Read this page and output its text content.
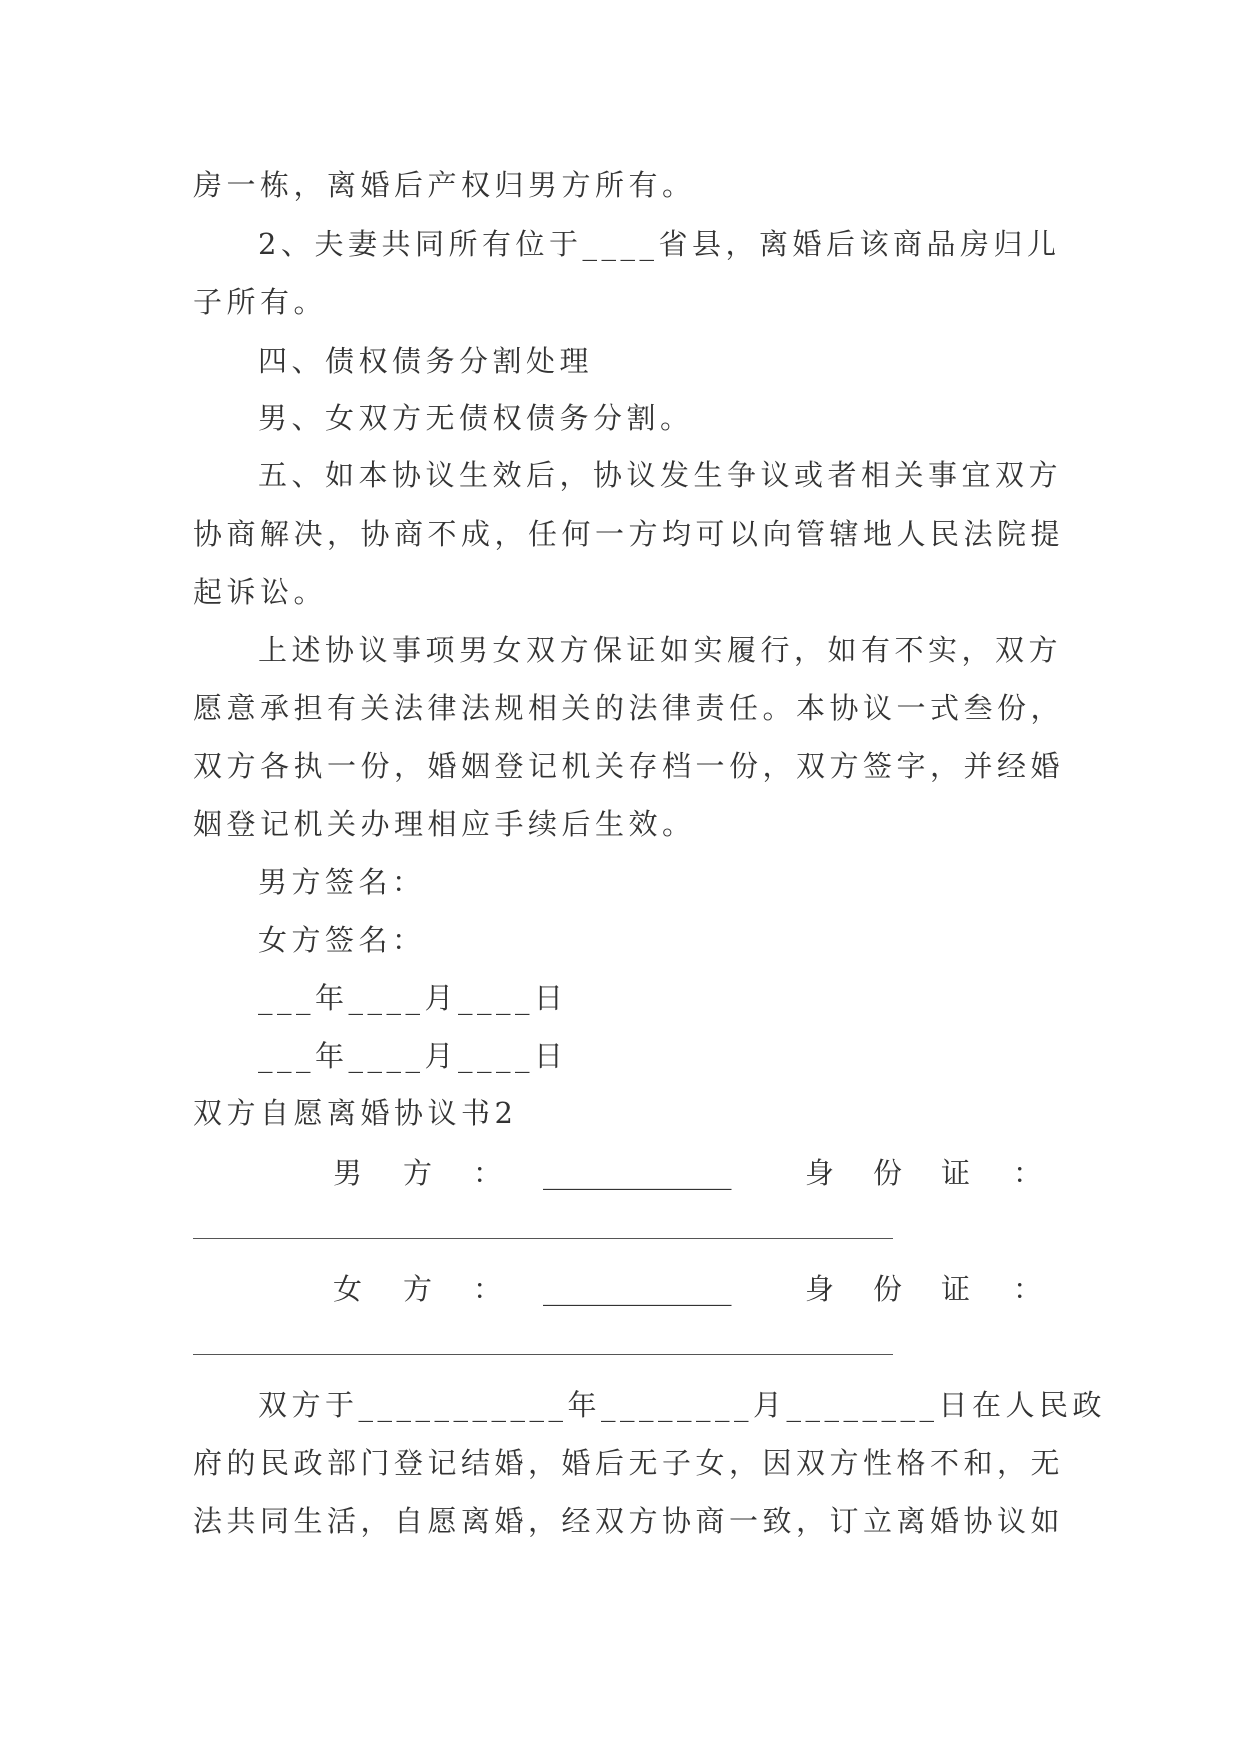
房一栋，离婚后产权归男方所有。
2、夫妻共同所有位于____省县，离婚后该商品房归儿
子所有。
四、债权债务分割处理
男、女双方无债权债务分割。
五、如本协议生效后，协议发生争议或者相关事宜双方
协商解决，协商不成，任何一方均可以向管辖地人民法院提
起诉讼。
上述协议事项男女双方保证如实履行，如有不实，双方
愿意承担有关法律法规相关的法律责任。本协议一式叁份，
双方各执一份，婚姻登记机关存档一份，双方签字，并经婚
姻登记机关办理相应手续后生效。
男方签名：
女方签名：
___年____月____日
___年____月____日
双方自愿离婚协议书2
男 方 ： _____________	身 份 证 ：
女 方 ： _____________	身 份 证 ：
双方于___________年________月________日在人民政
府的民政部门登记结婚，婚后无子女，因双方性格不和，无
法共同生活，自愿离婚，经双方协商一致，订立离婚协议如
